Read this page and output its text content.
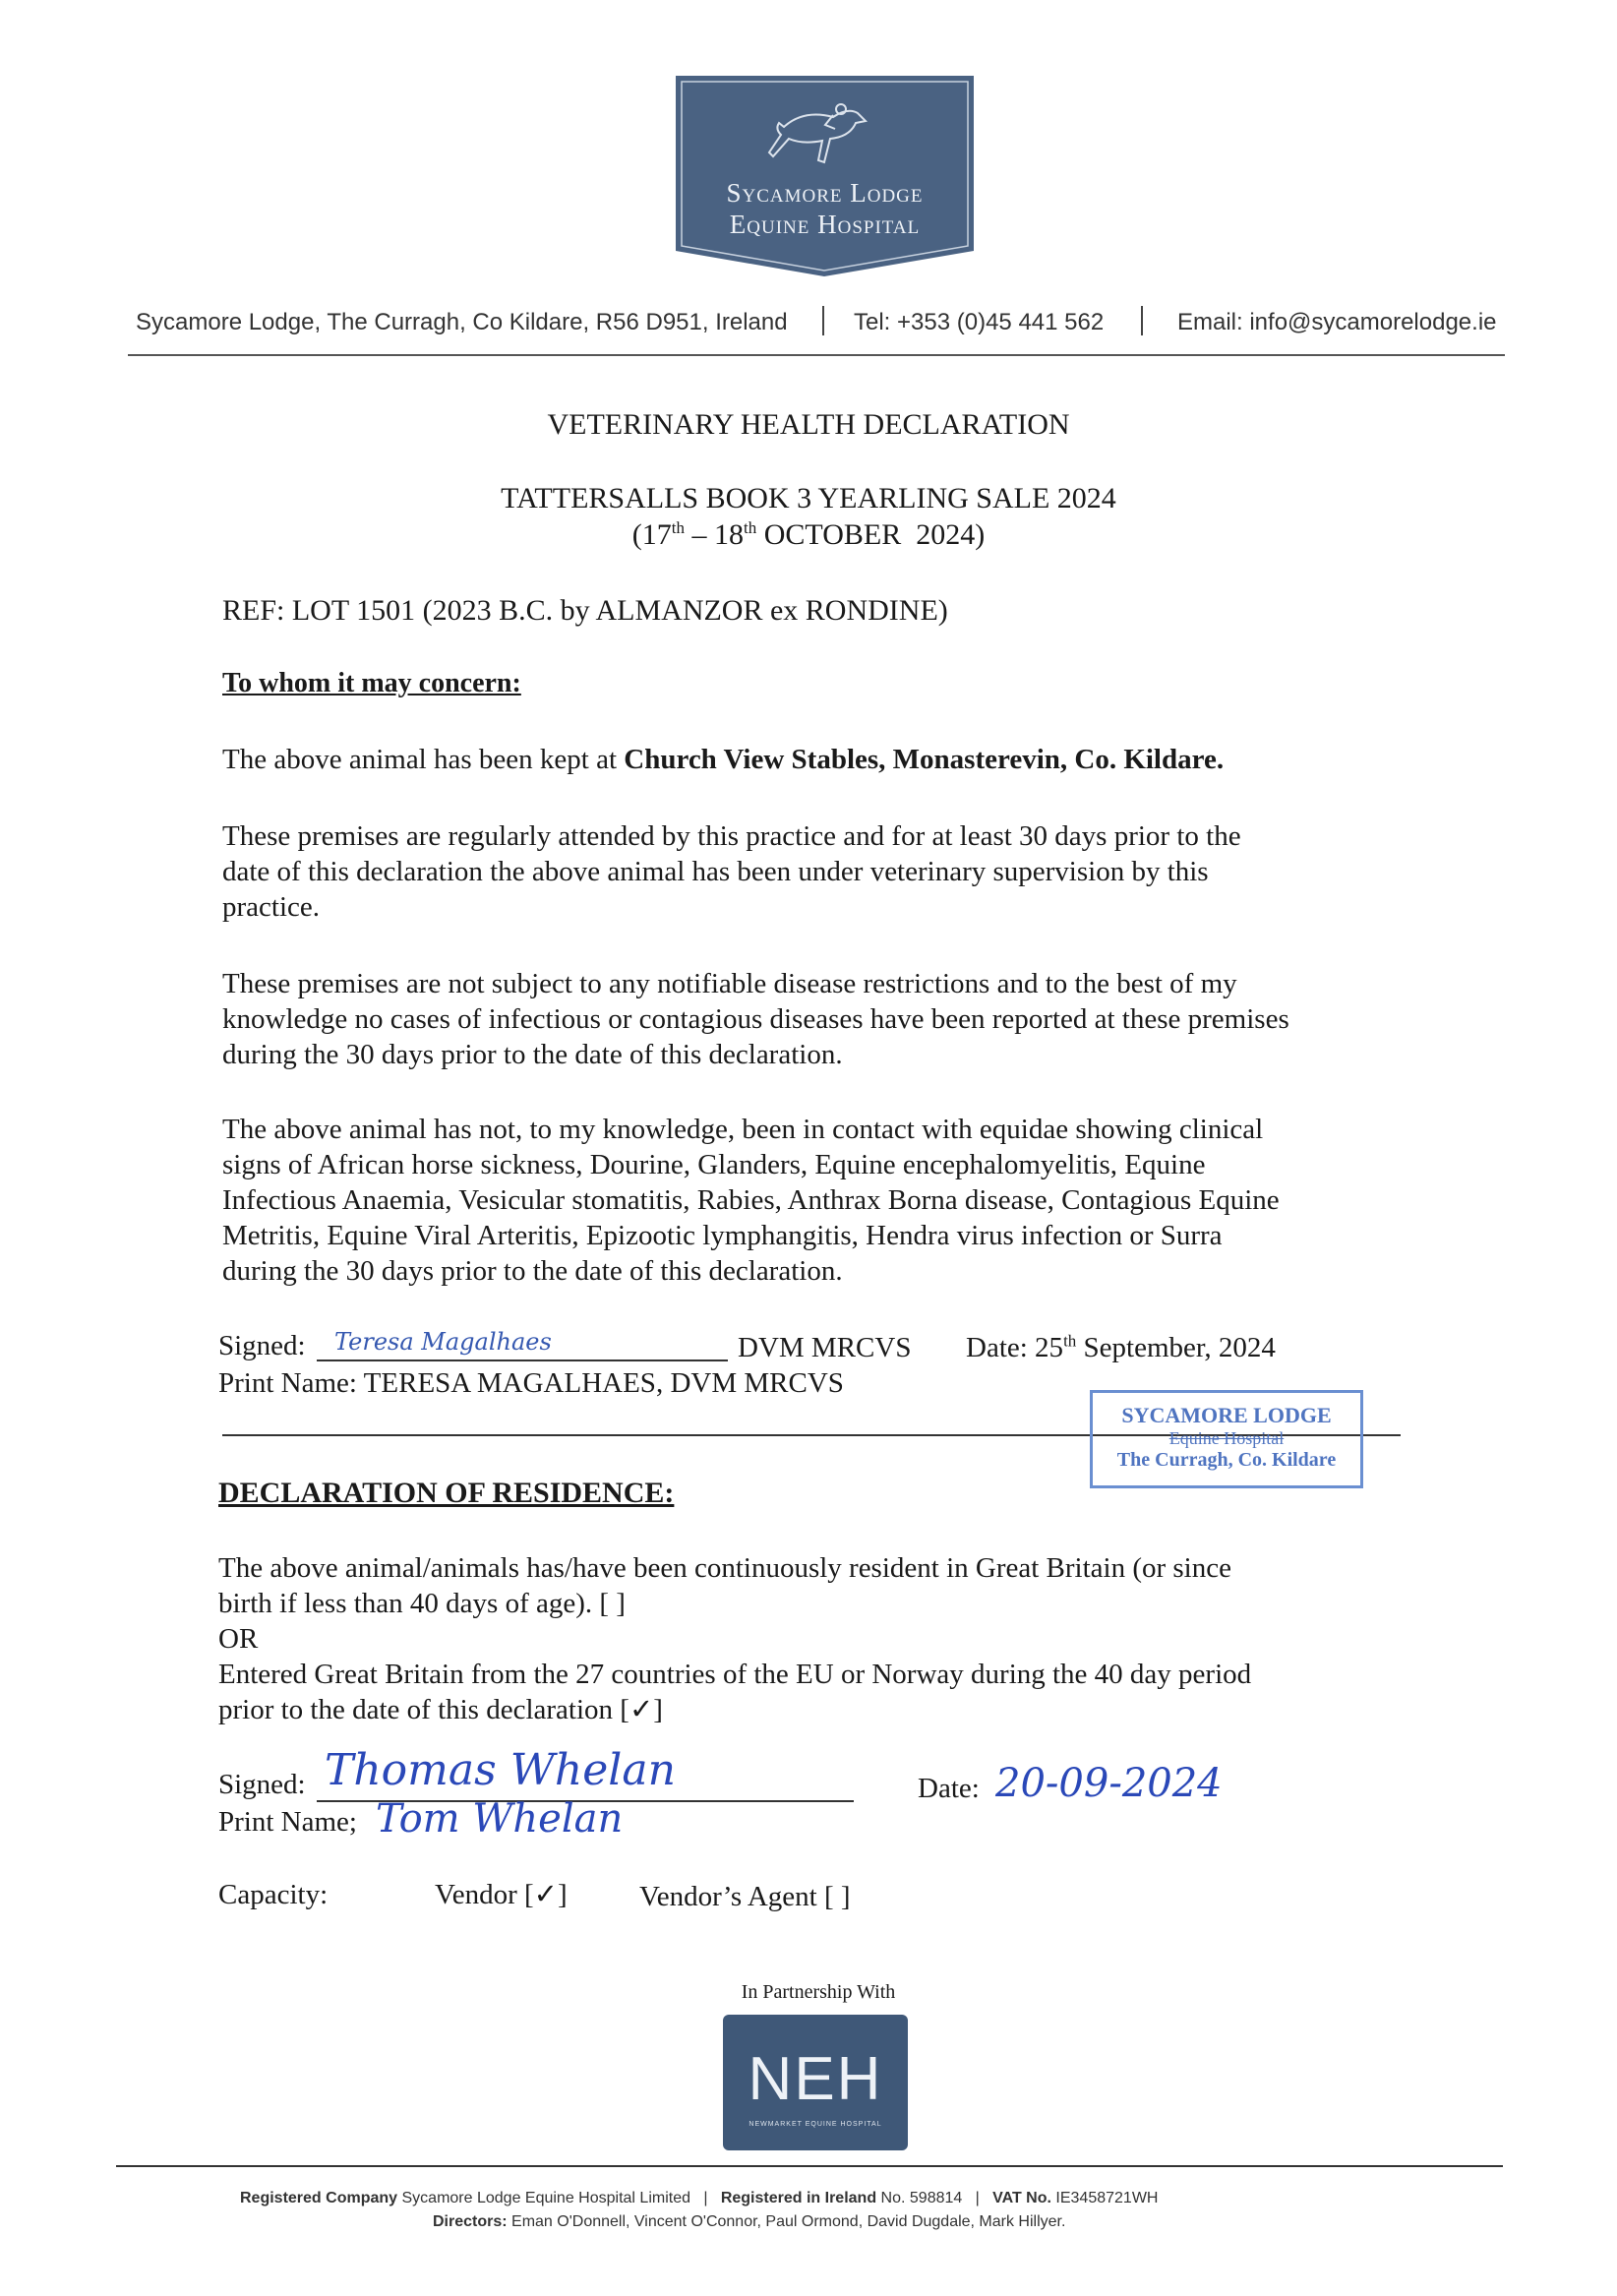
Sycamore Lodge
Equine Hospital
Sycamore Lodge, The Curragh, Co Kildare, R56 D951, Ireland	Tel: +353 (0)45 441 562	Email: info@sycamorelodge.ie
VETERINARY HEALTH DECLARATION
TATTERSALLS BOOK 3 YEARLING SALE 2024
(17th – 18th OCTOBER  2024)
REF: LOT 1501 (2023 B.C. by ALMANZOR ex RONDINE)
To whom it may concern:
The above animal has been kept at Church View Stables, Monasterevin, Co. Kildare.
These premises are regularly attended by this practice and for at least 30 days prior to the
date of this declaration the above animal has been under veterinary supervision by this
practice.
These premises are not subject to any notifiable disease restrictions and to the best of my
knowledge no cases of infectious or contagious diseases have been reported at these premises
during the 30 days prior to the date of this declaration.
The above animal has not, to my knowledge, been in contact with equidae showing clinical
signs of African horse sickness, Dourine, Glanders, Equine encephalomyelitis, Equine
Infectious Anaemia, Vesicular stomatitis, Rabies, Anthrax Borna disease, Contagious Equine
Metritis, Equine Viral Arteritis, Epizootic lymphangitis, Hendra virus infection or Surra
during the 30 days prior to the date of this declaration.
Signed: Teresa Magalhaes	DVM MRCVS Date: 25th September, 2024
Print Name: TERESA MAGALHAES, DVM MRCVS
SYCAMORE LODGE
Equine Hospital
The Curragh, Co. Kildare
DECLARATION OF RESIDENCE:
The above animal/animals has/have been continuously resident in Great Britain (or since
birth if less than 40 days of age). [ ]
OR
Entered Great Britain from the 27 countries of the EU or Norway during the 40 day period
prior to the date of this declaration [✓]
Signed: Thomas Whelan
Print Name; Tom Whelan
Date: 20-09-2024
Capacity:	Vendor [✓]	Vendor’s Agent [ ]
In Partnership With
NEH
NEWMARKET EQUINE HOSPITAL
Registered Company Sycamore Lodge Equine Hospital Limited   |   Registered in Ireland No. 598814   |   VAT No. IE3458721WH
Directors: Eman O'Donnell, Vincent O'Connor, Paul Ormond, David Dugdale, Mark Hillyer.
